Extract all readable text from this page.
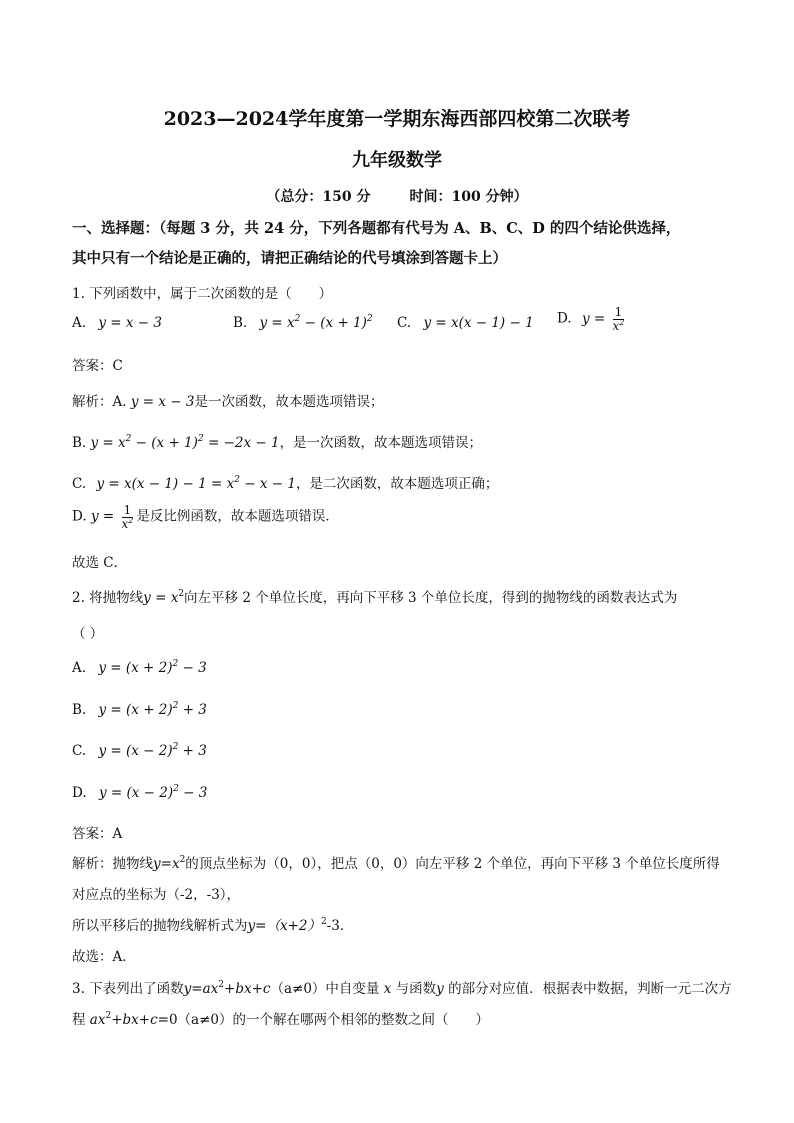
2023—2024学年度第一学期东海西部四校第二次联考
九年级数学
（总分：150 分        时间：100 分钟）
一、选择题：（每题 3 分，共 24 分，下列各题都有代号为 A、B、C、D 的四个结论供选择，
其中只有一个结论是正确的，请把正确结论的代号填涂到答题卡上）
1. 下列函数中，属于二次函数的是（　　）
A. y = x − 3	B. $y = x^2 - (x + 1)^2$ C. y = x(x − 1) − 1 D. $y = \frac{1}{x^2}$
答案：C
解析：A. y = x − 3是一次函数，故本题选项错误；
B. $y = x^2 - (x + 1)^2 = -2x - 1$，是一次函数，故本题选项错误；
C. $y = x(x - 1) - 1 = x^2 - x - 1$，是二次函数，故本题选项正确；
D. $y = \frac{1}{x^2}$ 是反比例函数，故本题选项错误．
故选 C．
2. 将抛物线$y = x^2$向左平移 2 个单位长度，再向下平移 3 个单位长度，得到的抛物线的函数表达式为
（ ）
A. $y = (x + 2)^2 - 3$
B. $y = (x + 2)^2 + 3$
C. $y = (x - 2)^2 + 3$
D. $y = (x - 2)^2 - 3$
答案：A
解析：抛物线$y=x^2$的顶点坐标为（0，0），把点（0，0）向左平移 2 个单位，再向下平移 3 个单位长度所得
对应点的坐标为（-2，-3），
所以平移后的抛物线解析式为$y=(x+2)^2-3$．
故选：A．
3. 下表列出了函数$y=ax^2+bx+c(a\ne 0)$中自变量 x 与函数y 的部分对应值．根据表中数据，判断一元二次方
程 $ax^2+bx+c=0(a\ne 0)$的一个解在哪两个相邻的整数之间（　　）
